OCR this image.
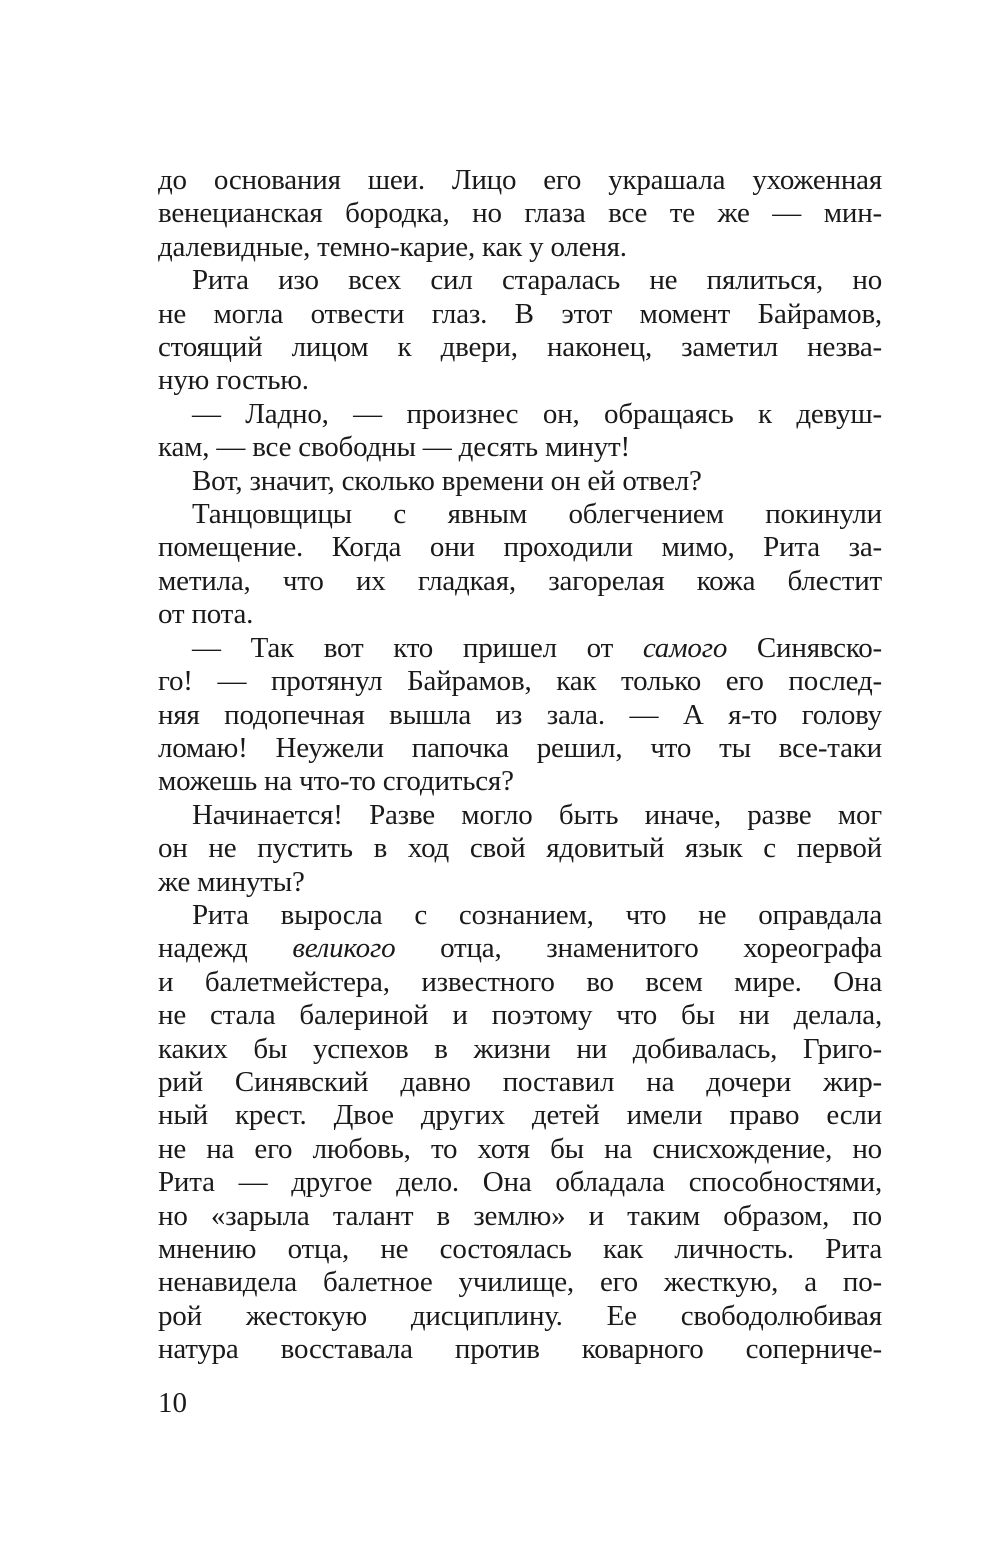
до основания шеи. Лицо его украшала ухоженная
венецианская бородка, но глаза все те же — мин-
далевидные, темно-карие, как у оленя.
Рита изо всех сил старалась не пялиться, но
не могла отвести глаз. В этот момент Байрамов,
стоящий лицом к двери, наконец, заметил незва-
ную гостью.
— Ладно, — произнес он, обращаясь к девуш-
кам, — все свободны — десять минут!
Вот, значит, сколько времени он ей отвел?
Танцовщицы с явным облегчением покинули
помещение. Когда они проходили мимо, Рита за-
метила, что их гладкая, загорелая кожа блестит
от пота.
— Так вот кто пришел от самого Синявско-
го! — протянул Байрамов, как только его послед-
няя подопечная вышла из зала. — А я-то голову
ломаю! Неужели папочка решил, что ты все-таки
можешь на что-то сгодиться?
Начинается! Разве могло быть иначе, разве мог
он не пустить в ход свой ядовитый язык с первой
же минуты?
Рита выросла с сознанием, что не оправдала
надежд великого отца, знаменитого хореографа
и балетмейстера, известного во всем мире. Она
не стала балериной и поэтому что бы ни делала,
каких бы успехов в жизни ни добивалась, Григо-
рий Синявский давно поставил на дочери жир-
ный крест. Двое других детей имели право если
не на его любовь, то хотя бы на снисхождение, но
Рита — другое дело. Она обладала способностями,
но «зарыла талант в землю» и таким образом, по
мнению отца, не состоялась как личность. Рита
ненавидела балетное училище, его жесткую, а по-
рой жестокую дисциплину. Ее свободолюбивая
натура восставала против коварного соперниче-
10
